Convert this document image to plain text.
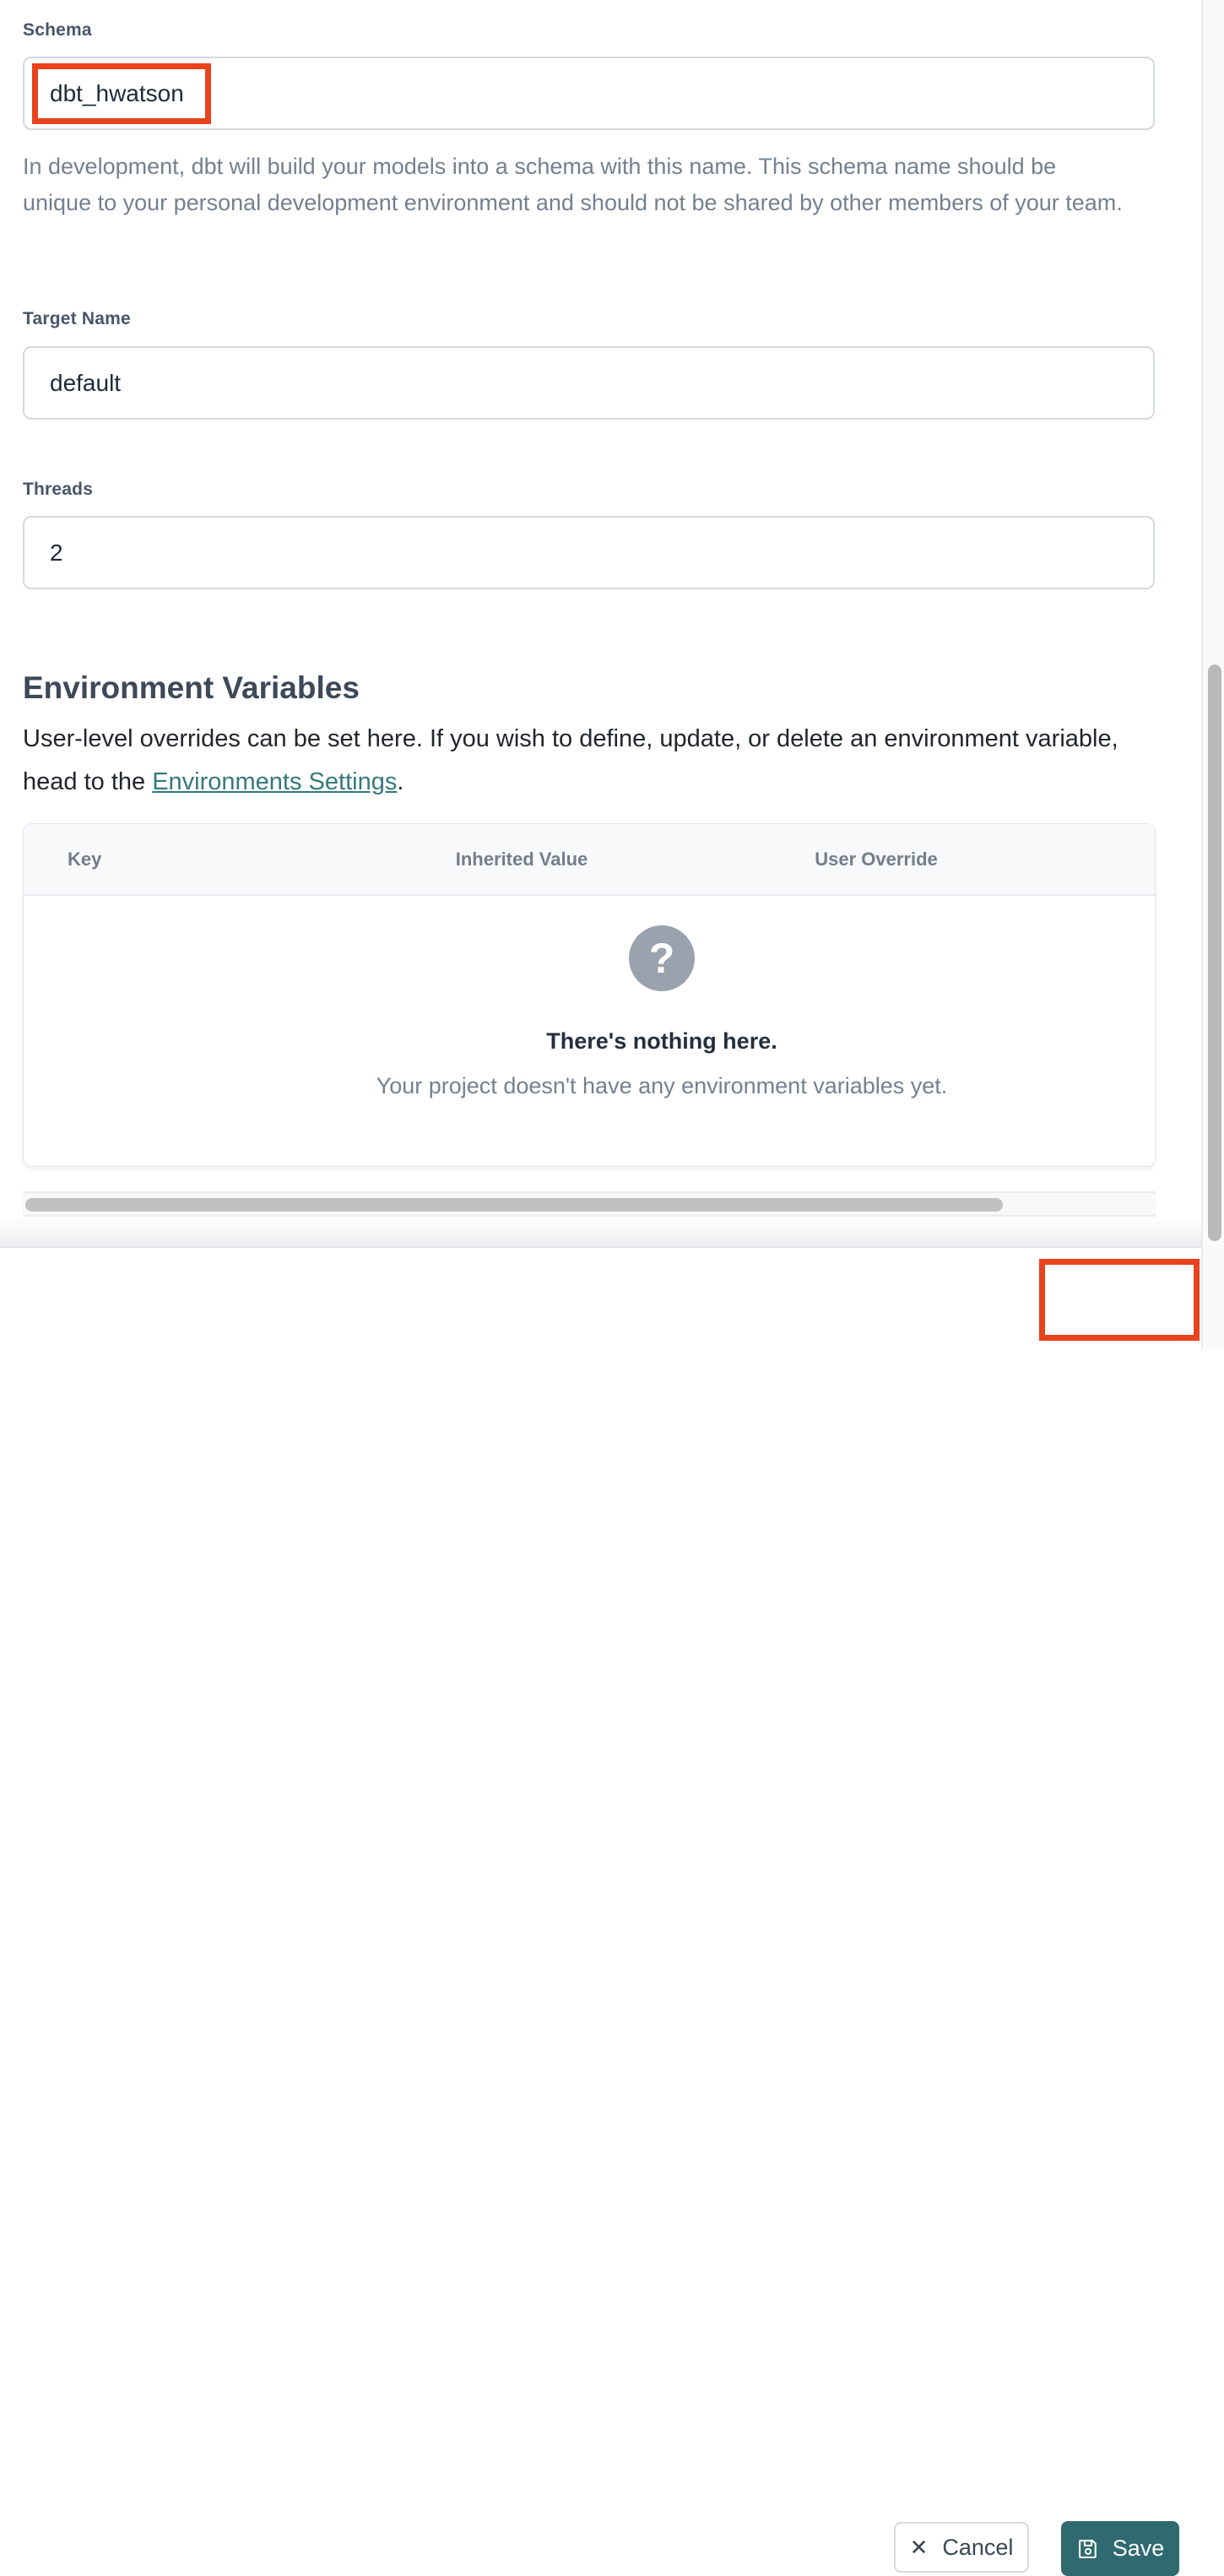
Schema
dbt_hwatson
In development, dbt will build your models into a schema with this name. This schema name should be unique to your personal development environment and should not be shared by other members of your team.
Target Name
default
Threads
2
Environment Variables
User-level overrides can be set here. If you wish to define, update, or delete an environment variable, head to the Environments Settings.
Key	Inherited Value	User Override
?
There's nothing here.
Your project doesn't have any environment variables yet.
✕ Cancel	Save
